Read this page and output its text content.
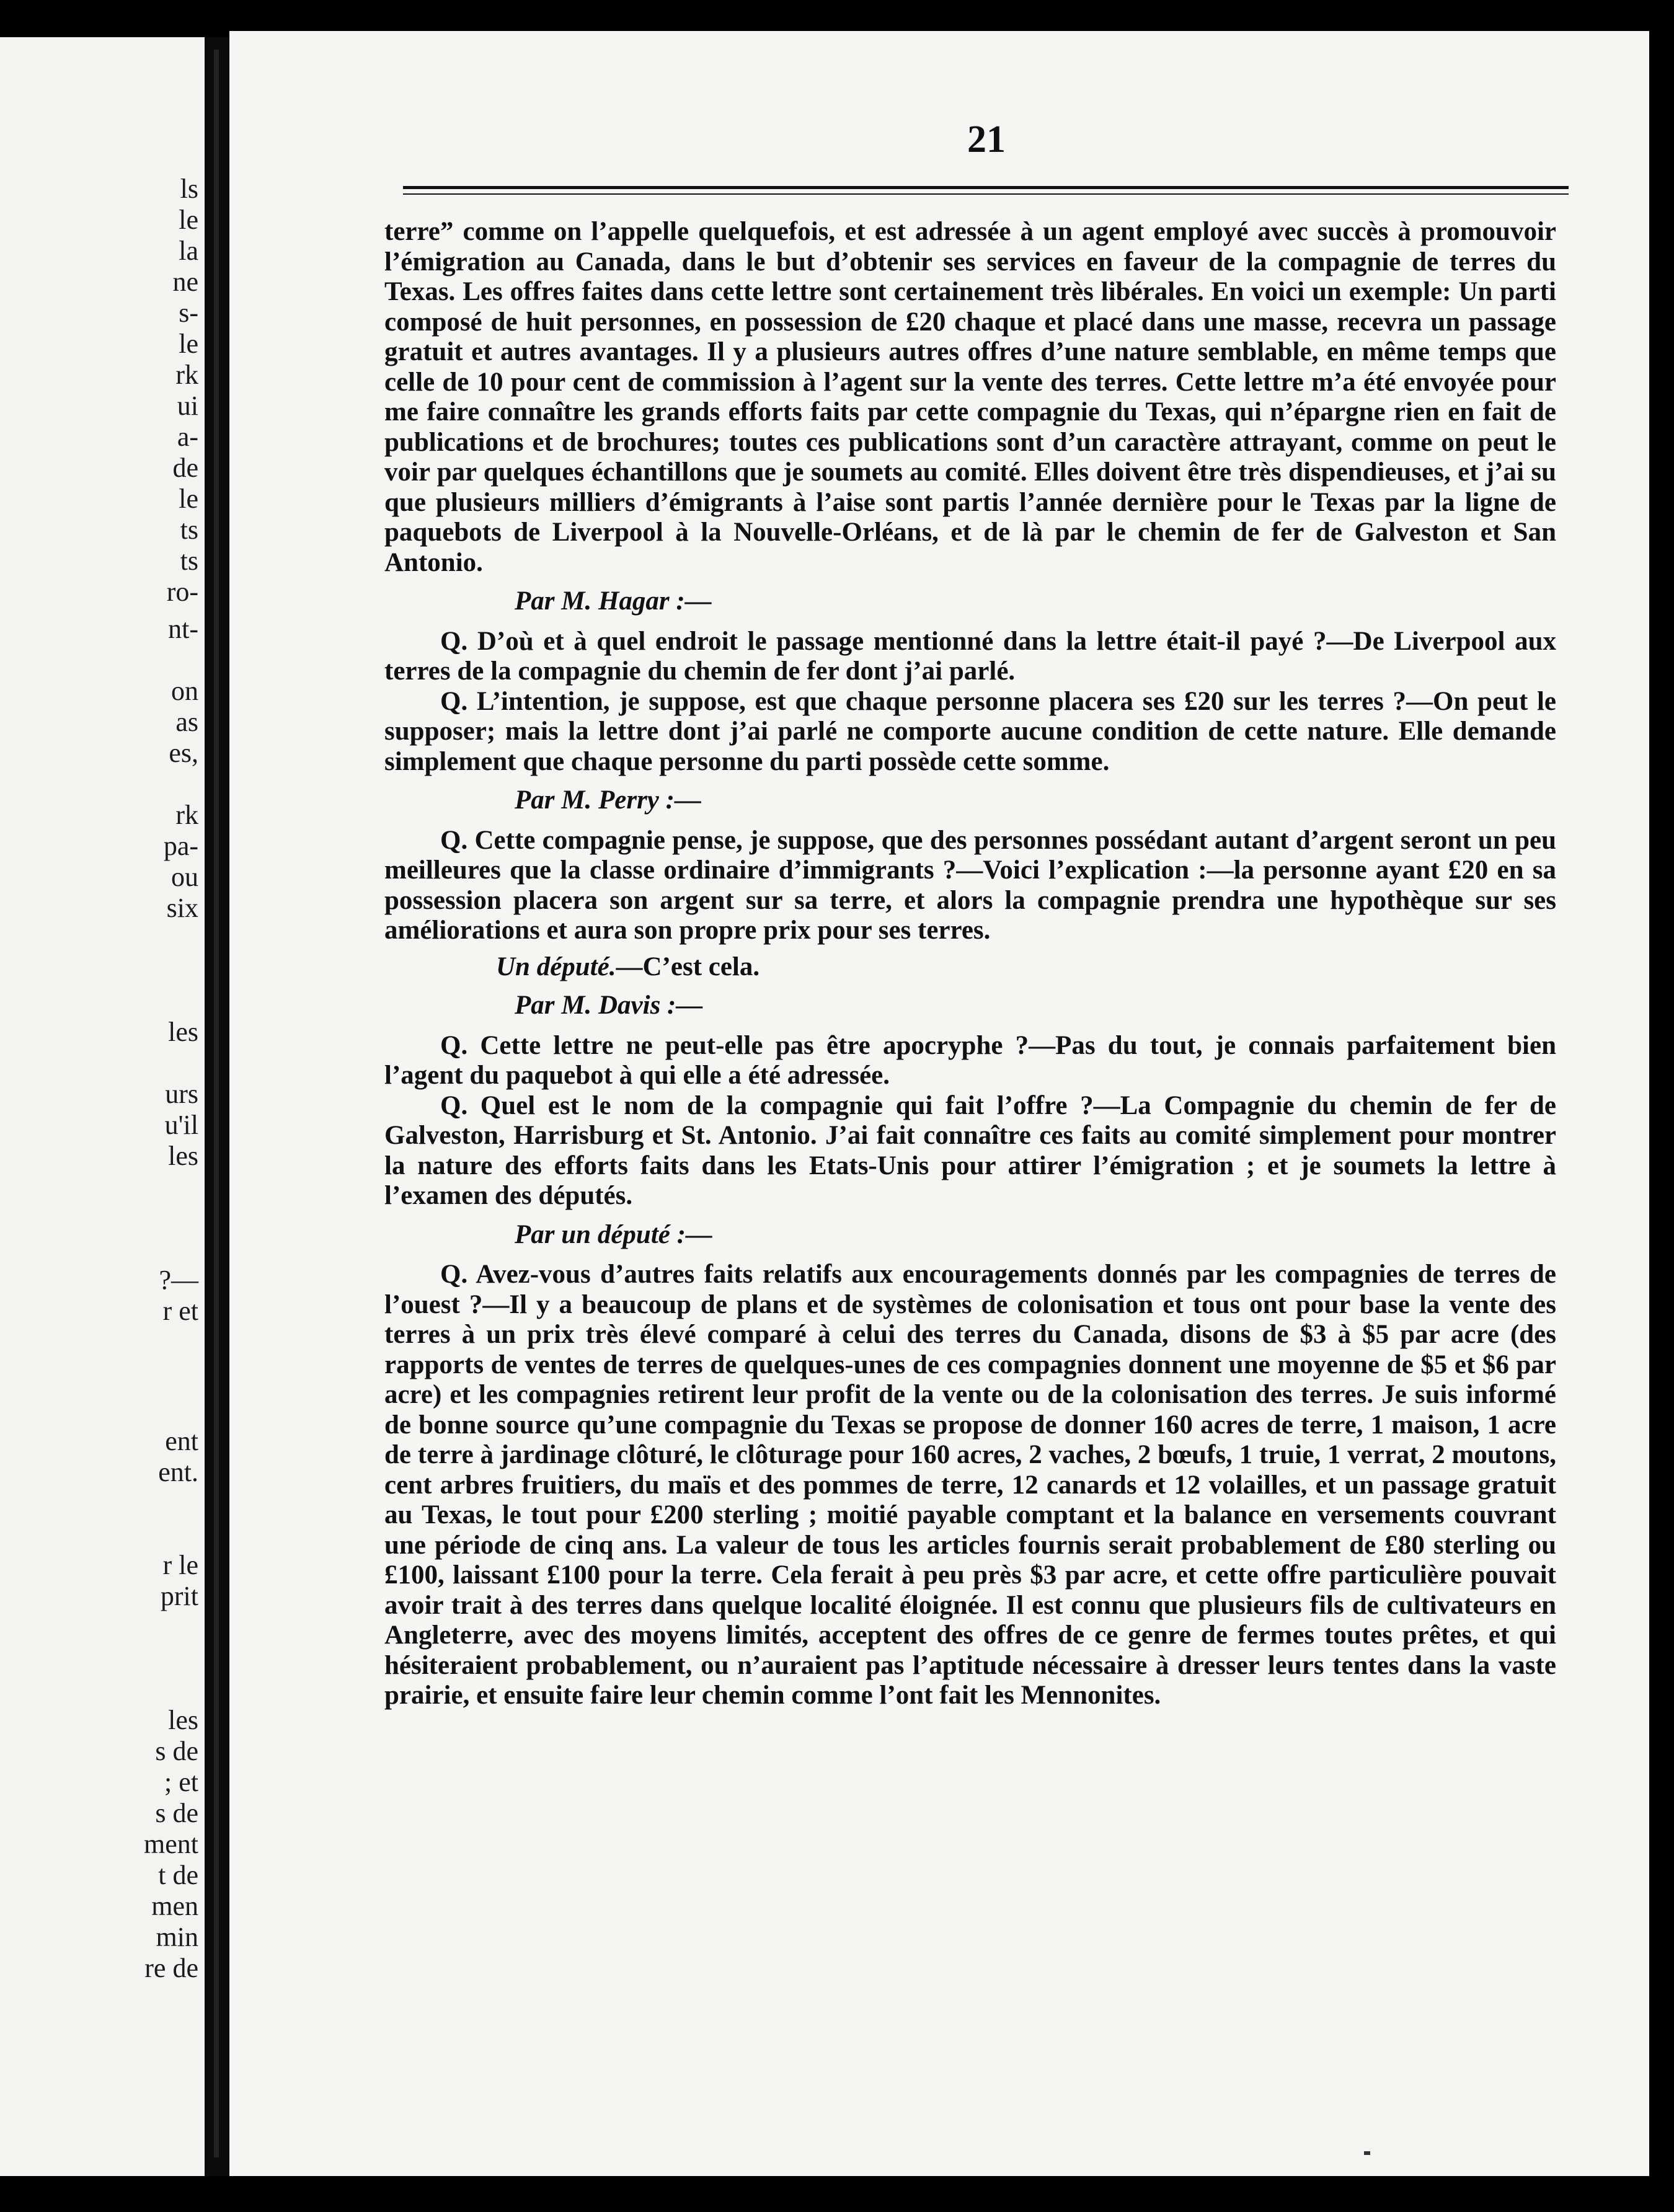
ls
le
la
ne
s-
le
rk
ui
a-
de
le
ts
ts
ro-
nt-
on
as
es,
rk
pa-
ou
six
les
urs
u'il
les
?—
r et
ent
ent.
r le
prit
les
s de
; et
s de
ment
t de
men
min
re de
21

terre” comme on l’appelle quelquefois, et est adressée à un agent employé avec succès à promouvoir l’émigration au Canada, dans le but d’obtenir ses services en faveur de la compagnie de terres du Texas. Les offres faites dans cette lettre sont certainement très libérales. En voici un exemple: Un parti composé de huit personnes, en possession de £20 chaque et placé dans une masse, recevra un passage gratuit et autres avantages. Il y a plusieurs autres offres d’une nature semblable, en même temps que celle de 10 pour cent de commission à l’agent sur la vente des terres. Cette lettre m’a été envoyée pour me faire connaître les grands efforts faits par cette compagnie du Texas, qui n’épargne rien en fait de publications et de brochures; toutes ces publications sont d’un caractère attrayant, comme on peut le voir par quelques échantillons que je soumets au comité. Elles doivent être très dispendieuses, et j’ai su que plusieurs milliers d’émigrants à l’aise sont partis l’année dernière pour le Texas par la ligne de paquebots de Liverpool à la Nouvelle-Orléans, et de là par le chemin de fer de Galveston et San Antonio.

Par M. Hagar :—

Q. D’où et à quel endroit le passage mentionné dans la lettre était-il payé ?—De Liverpool aux terres de la compagnie du chemin de fer dont j’ai parlé.

Q. L’intention, je suppose, est que chaque personne placera ses £20 sur les terres ?—On peut le supposer; mais la lettre dont j’ai parlé ne comporte aucune condition de cette nature. Elle demande simplement que chaque personne du parti possède cette somme.

Par M. Perry :—

Q. Cette compagnie pense, je suppose, que des personnes possédant autant d’argent seront un peu meilleures que la classe ordinaire d’immigrants ?—Voici l’explication :—la personne ayant £20 en sa possession placera son argent sur sa terre, et alors la compagnie prendra une hypothèque sur ses améliorations et aura son propre prix pour ses terres.

Un député.—C’est cela.

Par M. Davis :—

Q. Cette lettre ne peut-elle pas être apocryphe ?—Pas du tout, je connais parfaitement bien l’agent du paquebot à qui elle a été adressée.

Q. Quel est le nom de la compagnie qui fait l’offre ?—La Compagnie du chemin de fer de Galveston, Harrisburg et St. Antonio. J’ai fait connaître ces faits au comité simplement pour montrer la nature des efforts faits dans les Etats-Unis pour attirer l’émigration ; et je soumets la lettre à l’examen des députés.

Par un député :—

Q. Avez-vous d’autres faits relatifs aux encouragements donnés par les compagnies de terres de l’ouest ?—Il y a beaucoup de plans et de systèmes de colonisation et tous ont pour base la vente des terres à un prix très élevé comparé à celui des terres du Canada, disons de $3 à $5 par acre (des rapports de ventes de terres de quelques-unes de ces compagnies donnent une moyenne de $5 et $6 par acre) et les compagnies retirent leur profit de la vente ou de la colonisation des terres. Je suis informé de bonne source qu’une compagnie du Texas se propose de donner 160 acres de terre, 1 maison, 1 acre de terre à jardinage clôturé, le clôturage pour 160 acres, 2 vaches, 2 bœufs, 1 truie, 1 verrat, 2 moutons, cent arbres fruitiers, du maïs et des pommes de terre, 12 canards et 12 volailles, et un passage gratuit au Texas, le tout pour £200 sterling ; moitié payable comptant et la balance en versements couvrant une période de cinq ans. La valeur de tous les articles fournis serait probablement de £80 sterling ou £100, laissant £100 pour la terre. Cela ferait à peu près $3 par acre, et cette offre particulière pouvait avoir trait à des terres dans quelque localité éloignée. Il est connu que plusieurs fils de cultivateurs en Angleterre, avec des moyens limités, acceptent des offres de ce genre de fermes toutes prêtes, et qui hésiteraient probablement, ou n’auraient pas l’aptitude nécessaire à dresser leurs tentes dans la vaste prairie, et ensuite faire leur chemin comme l’ont fait les Mennonites.
